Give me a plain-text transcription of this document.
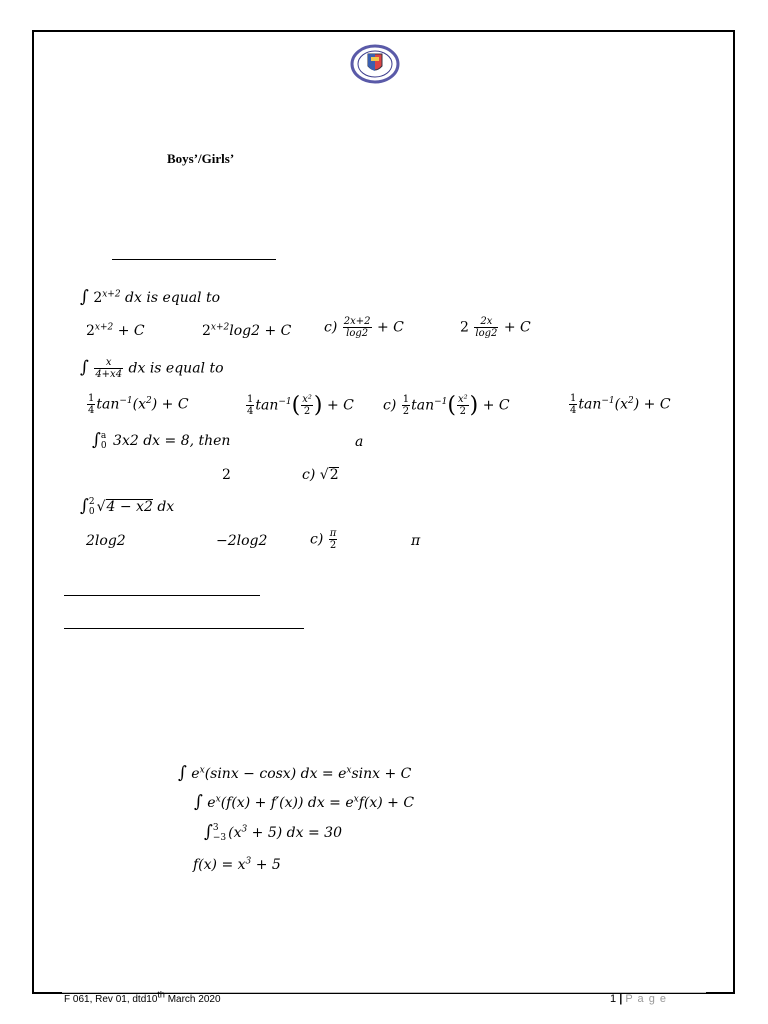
Boys’/Girls’
∫ $2^{x+2}$ dx is equal to
$2^{x+2} + C$	$2^{x+2}\log 2 + C$ $c) \frac{2x+2}{\log 2} + C$	$2 \frac{2x}{\log 2} + C$
∫ $\frac{x}{4+x4}$ dx is equal to
$\frac{1}{4} \tan^{-1}(x^2) + C$	$\frac{1}{4} \tan^{-1}( \frac{\text{x²}}{2}$ ) + C $c) \frac{1}{2} \tan^{-1}( \frac{\text{x²}}{2}$ ) + C	$\frac{1}{4} \tan^{-1}(x^2) + C$
∫ a
0 3x2 dx = 8, then	a
2	c) √2
∫ 2
0 √4 − x2 dx
2log2	−2log2	$c) \frac{\pi}{2}$	π
∫ $e^x(\sin x - \cos x)$ dx = $e^x\sin x + C$
∫ $e^x(f(x) + f'(x))$ dx = $e^xf(x) + C$
∫ 3
−3 $(x^3 + 5)$ dx = 30
$f(x) = x^3 + 5$
F 061, Rev 01, dtd10th March 2020	1 | P a g e
